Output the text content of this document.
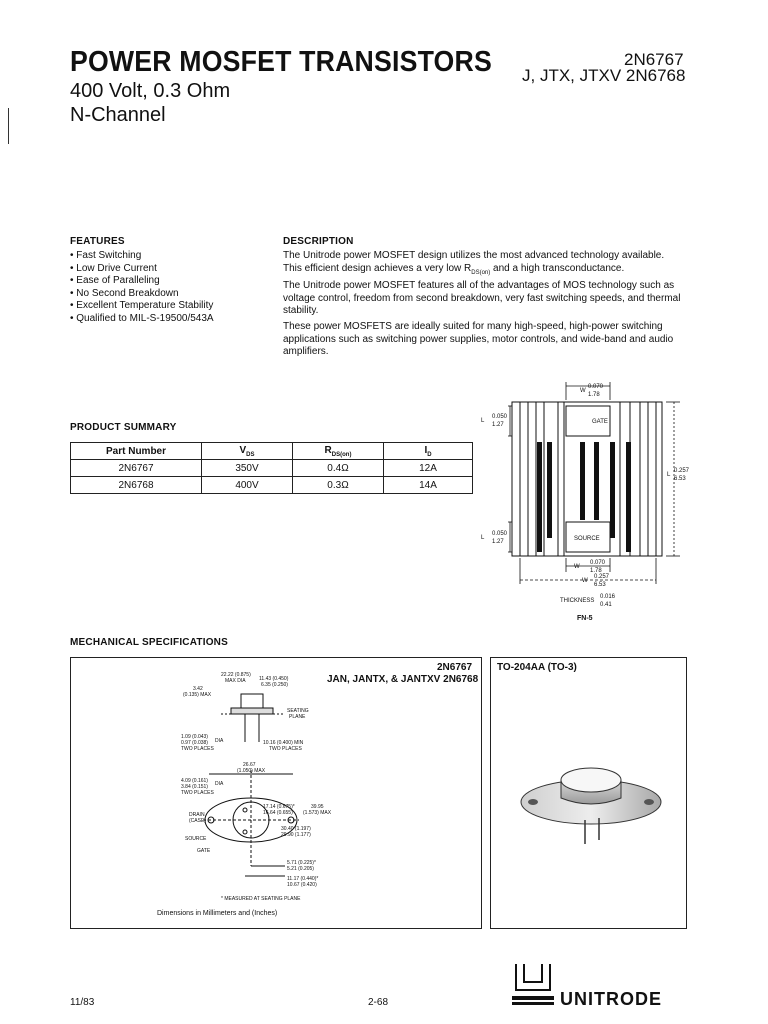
POWER MOSFET TRANSISTORS
400 Volt, 0.3 Ohm
N-Channel
2N6767
J, JTX, JTXV 2N6768
FEATURES
• Fast Switching
• Low Drive Current
• Ease of Paralleling
• No Second Breakdown
• Excellent Temperature Stability
• Qualified to MIL-S-19500/543A
DESCRIPTION
The Unitrode power MOSFET design utilizes the most advanced technology available. This efficient design achieves a very low $R_{DS(on)}$ and a high transconductance.
The Unitrode power MOSFET features all of the advantages of MOS technology such as voltage control, freedom from second breakdown, very fast switching speeds, and thermal stability.
These power MOSFETS are ideally suited for many high-speed, high-power switching applications such as switching power supplies, motor controls, and wide-band and audio amplifiers.
PRODUCT SUMMARY
Part Number	$V_{DS}$	$R_{DS(on)}$	$I_D$
2N6767	350V	0.4Ω	12A
2N6768	400V	0.3Ω	14A
GATE
SOURCE
W
0.070
1.78
L
0.050
1.27
L
0.257
6.53
L
0.050
1.27
W
0.070
1.78
W
0.257
6.53
THICKNESS
0.016
0.41
FN-5
MECHANICAL SPECIFICATIONS
2N6767
JAN, JANTX, & JANTXV 2N6768
22.22 (0.875)
MAX DIA	11.43 (0.450)
6.35 (0.250)
3.42
(0.135) MAX
SEATING
PLANE
1.09 (0.043)
0.97 (0.038) DIA
TWO PLACES
10.16 (0.400) MIN
TWO PLACES
26.67
(1.050) MAX
4.09 (0.161)
3.84 (0.151) DIA
TWO PLACES
DRAIN
(CASE)
SOURCE
GATE
17.14 (0.675)*
16.64 (0.655)
39.95
(1.573) MAX
30.40 (1.197)
29.90 (1.177)
5.71 (0.225)*
5.21 (0.205)
11.17 (0.440)*
10.67 (0.420)
* MEASURED AT SEATING PLANE
Dimensions in Millimeters and (Inches)
TO-204AA (TO-3)
11/83	2-68	UNITRODE
